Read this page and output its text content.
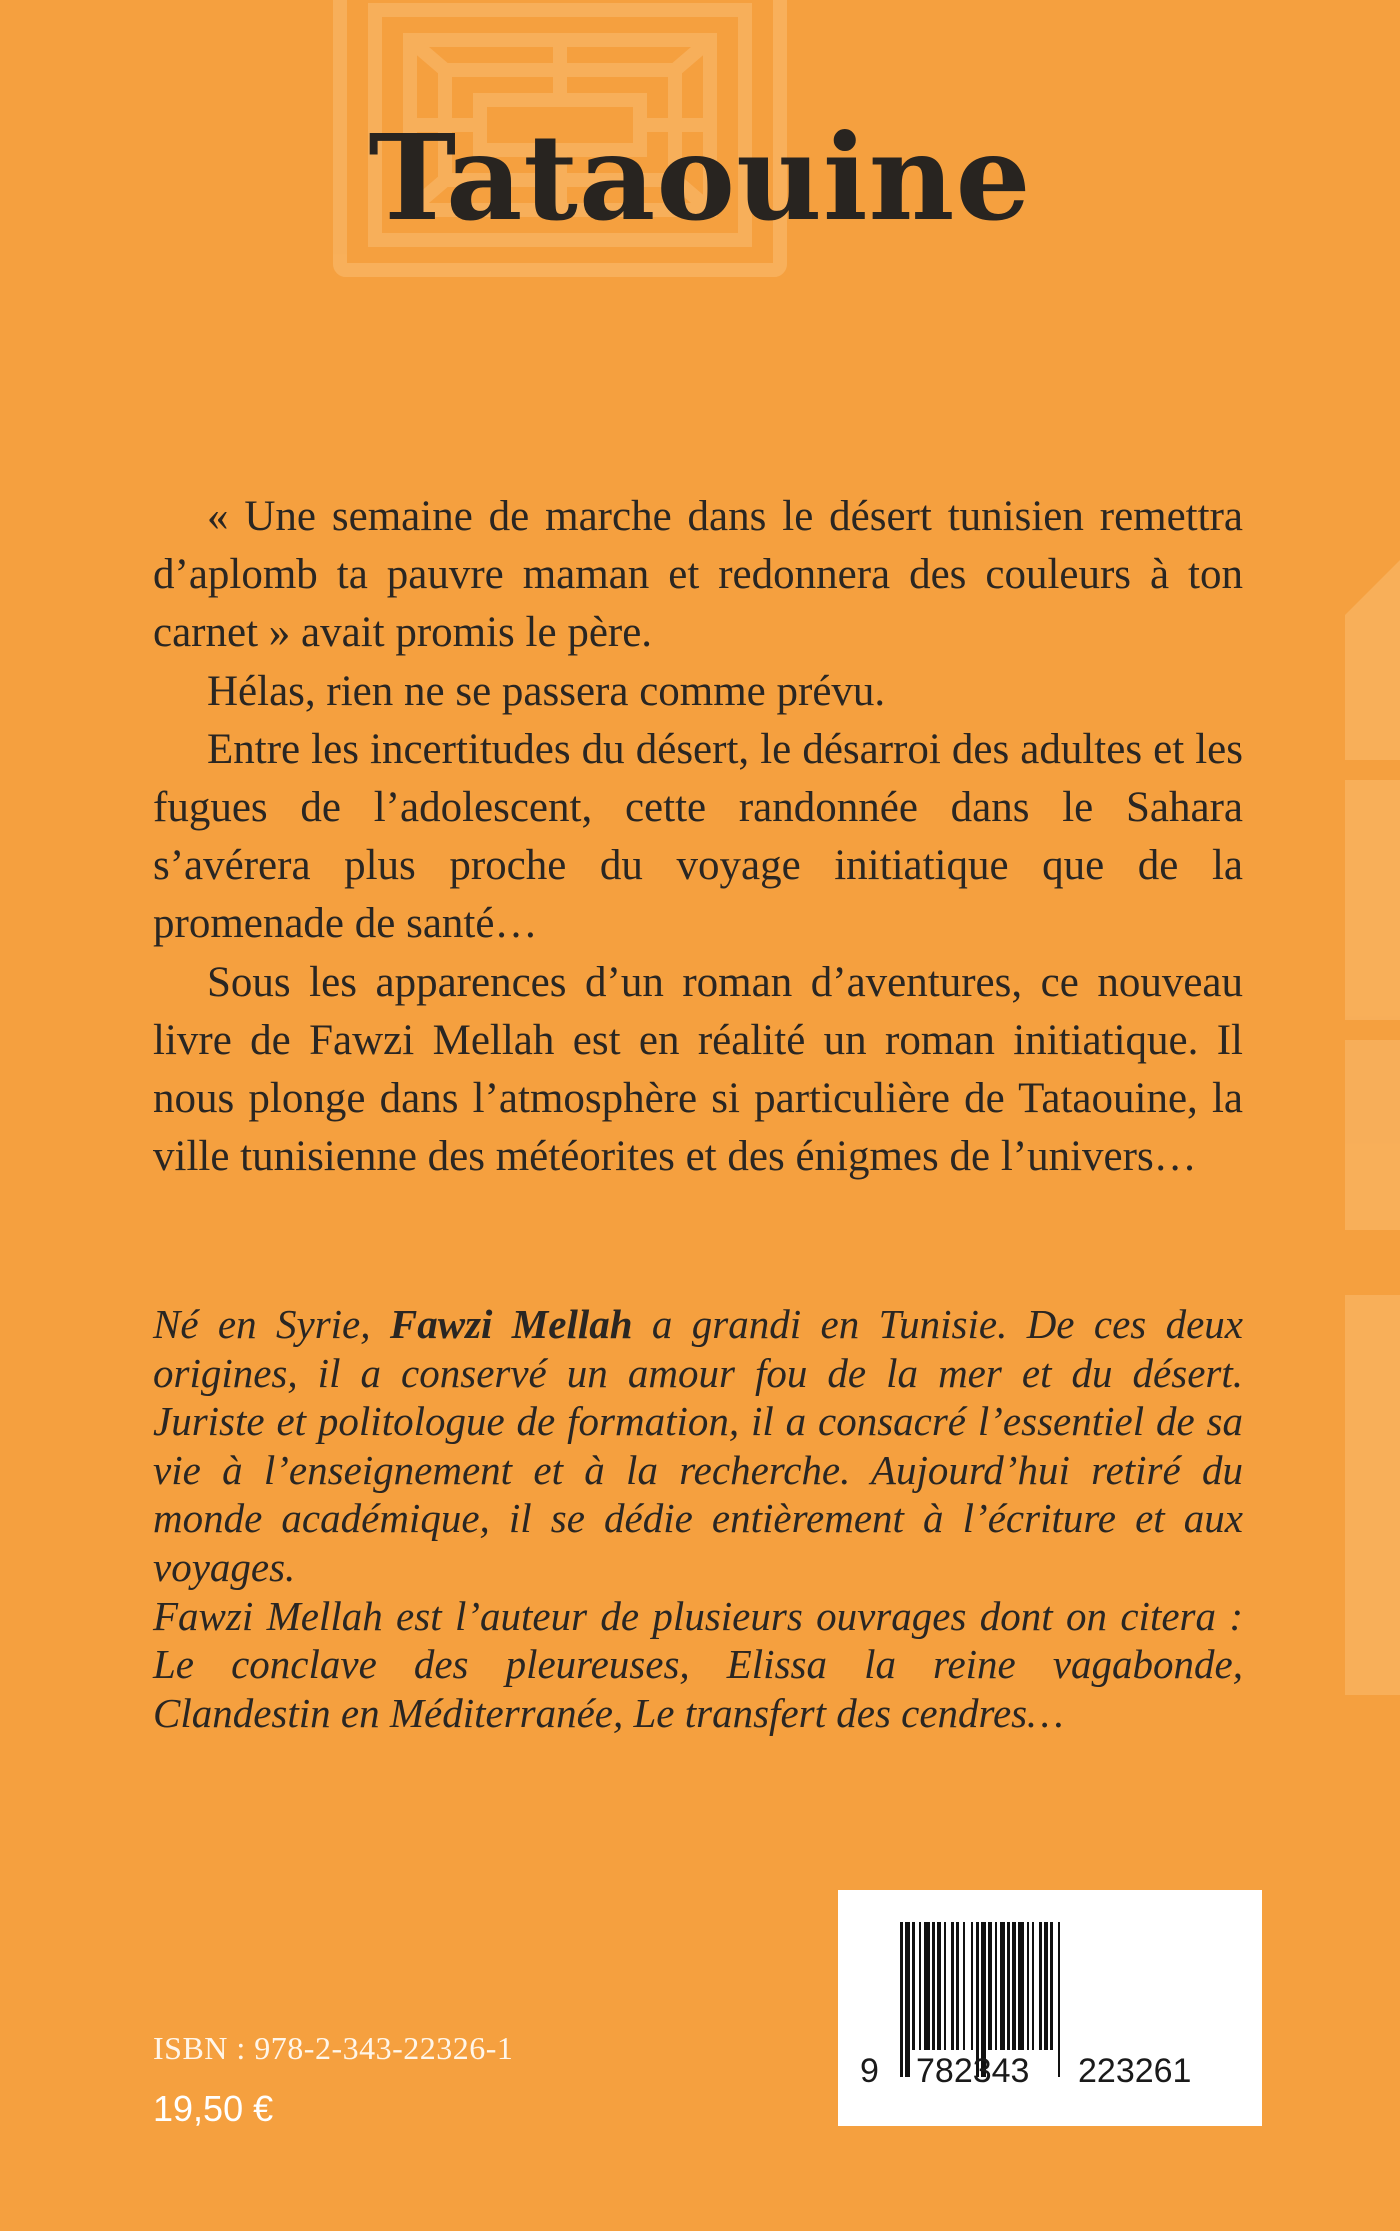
Tataouine

« Une semaine de marche dans le désert tunisien remettra d’aplomb ta pauvre maman et redonnera des couleurs à ton carnet » avait promis le père.

Hélas, rien ne se passera comme prévu.

Entre les incertitudes du désert, le désarroi des adultes et les fugues de l’adolescent, cette randonnée dans le Sahara s’avérera plus proche du voyage initiatique que de la promenade de santé…

Sous les apparences d’un roman d’aventures, ce nouveau livre de Fawzi Mellah est en réalité un roman initiatique. Il nous plonge dans l’atmosphère si particulière de Tataouine, la ville tunisienne des météorites et des énigmes de l’univers…

Né en Syrie, Fawzi Mellah a grandi en Tunisie. De ces deux origines, il a conservé un amour fou de la mer et du désert. Juriste et politologue de formation, il a consacré l’essentiel de sa vie à l’enseignement et à la recherche. Aujourd’hui retiré du monde académique, il se dédie entièrement à l’écriture et aux voyages.

Fawzi Mellah est l’auteur de plusieurs ouvrages dont on citera : Le conclave des pleureuses, Elissa la reine vagabonde, Clandestin en Méditerranée, Le transfert des cendres…

ISBN : 978-2-343-22326-1
19,50 €
9 782343 223261
